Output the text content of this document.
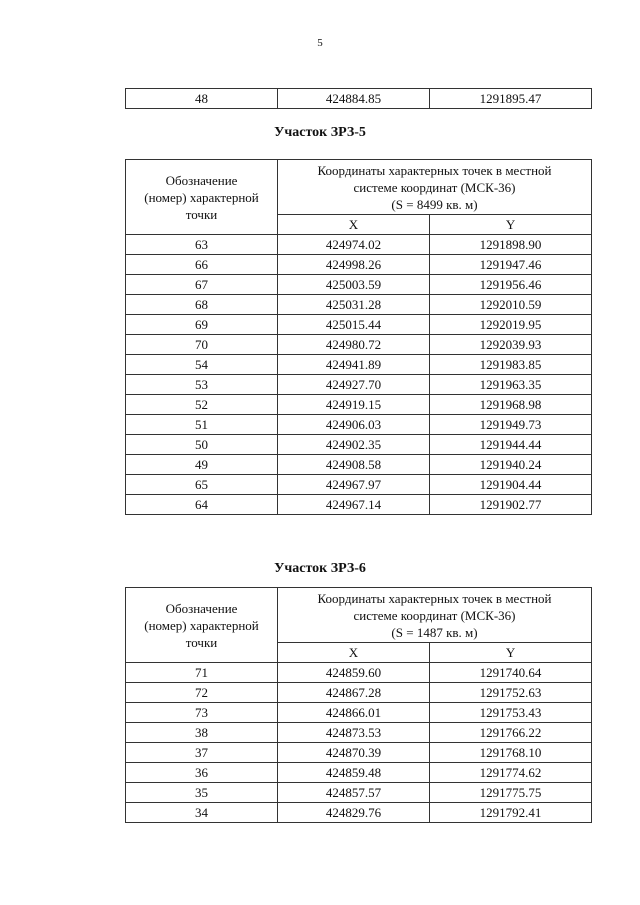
5
48	424884.85	1291895.47
Участок ЗРЗ-5
Обозначение
(номер) характерной
точки	Координаты характерных точек в местной
системе координат (МСК-36)
(S = 8499 кв. м)	
	X	Y
63	424974.02	1291898.90
66	424998.26	1291947.46
67	425003.59	1291956.46
68	425031.28	1292010.59
69	425015.44	1292019.95
70	424980.72	1292039.93
54	424941.89	1291983.85
53	424927.70	1291963.35
52	424919.15	1291968.98
51	424906.03	1291949.73
50	424902.35	1291944.44
49	424908.58	1291940.24
65	424967.97	1291904.44
64	424967.14	1291902.77
Участок ЗРЗ-6
Обозначение
(номер) характерной
точки	Координаты характерных точек в местной
системе координат (МСК-36)
(S = 1487 кв. м)	
	X	Y
71	424859.60	1291740.64
72	424867.28	1291752.63
73	424866.01	1291753.43
38	424873.53	1291766.22
37	424870.39	1291768.10
36	424859.48	1291774.62
35	424857.57	1291775.75
34	424829.76	1291792.41
